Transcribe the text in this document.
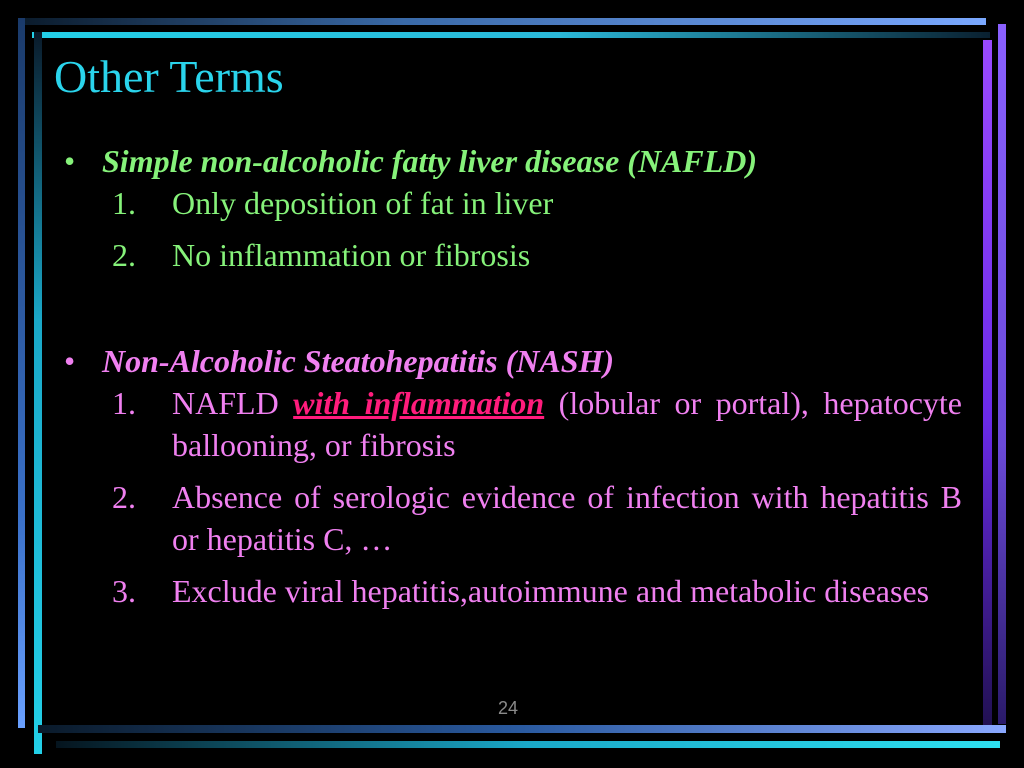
Other Terms
• Simple non-alcoholic fatty liver disease (NAFLD)
1.	Only deposition of fat in liver
2.	No inflammation or fibrosis
• Non-Alcoholic Steatohepatitis (NASH)
1.	NAFLD with inflammation (lobular or portal), hepatocyte ballooning, or fibrosis
2.	Absence of serologic evidence of infection with hepatitis B or hepatitis C, …
3.	Exclude viral hepatitis,autoimmune and metabolic diseases
24
